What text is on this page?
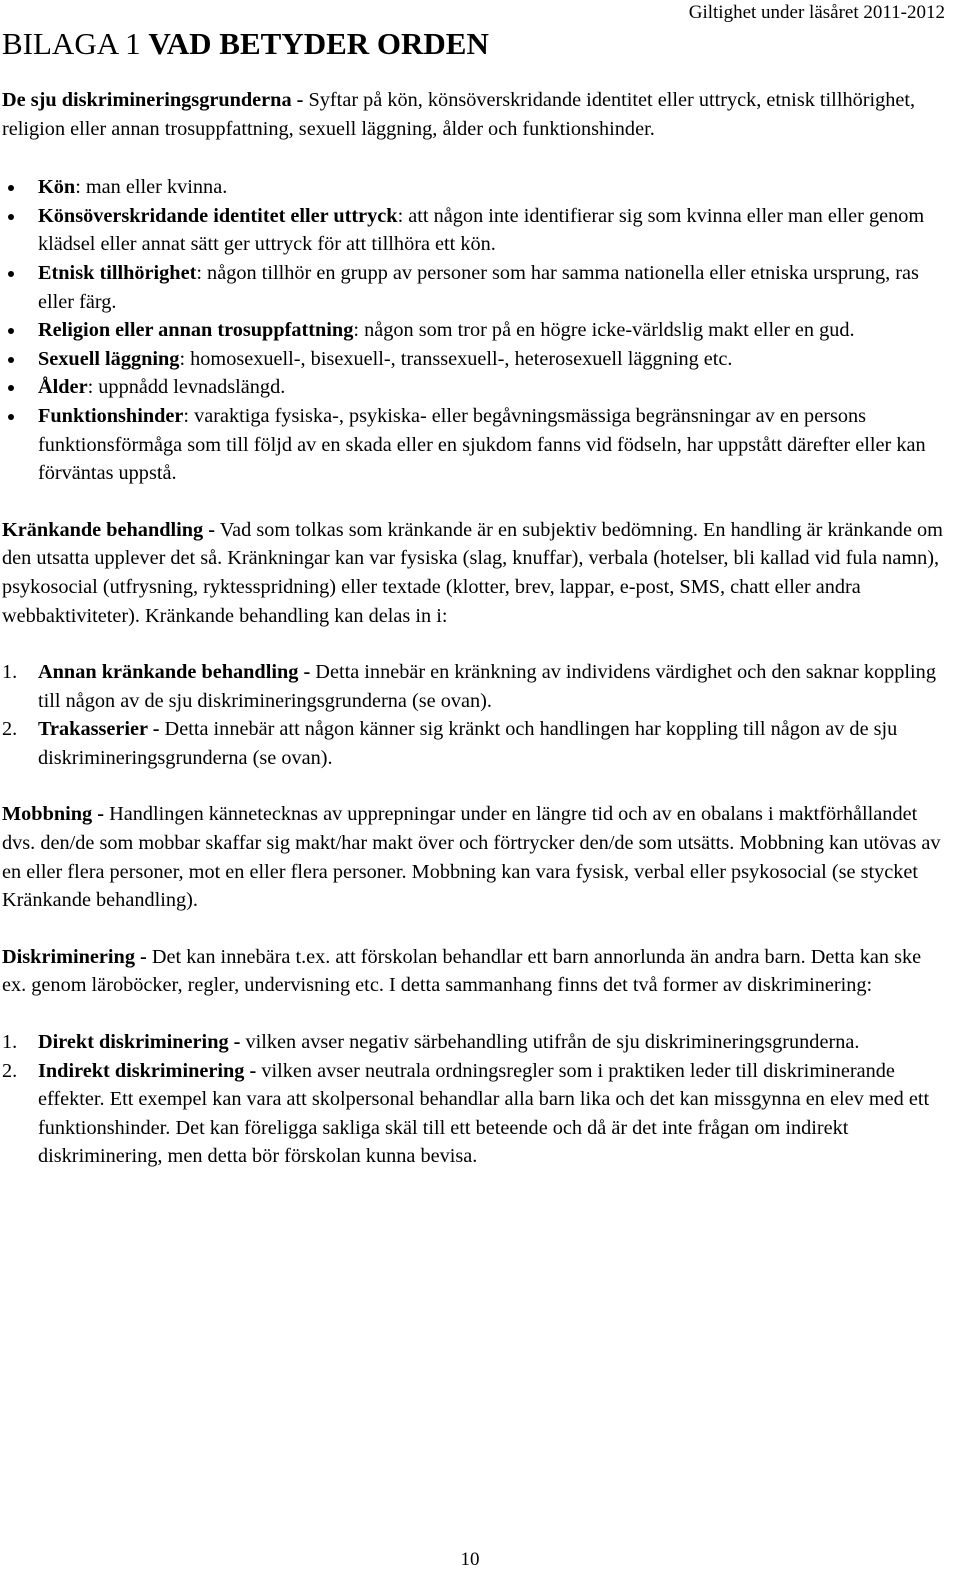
BILAGA 1 VAD BETYDER ORDEN
Giltighet under läsåret 2011-2012

De sju diskrimineringsgrunderna - Syftar på kön, könsöverskridande identitet eller uttryck, etnisk tillhörighet, religion eller annan trosuppfattning, sexuell läggning, ålder och funktionshinder.

Kön: man eller kvinna.
Könsöverskridande identitet eller uttryck: att någon inte identifierar sig som kvinna eller man eller genom klädsel eller annat sätt ger uttryck för att tillhöra ett kön.
Etnisk tillhörighet: någon tillhör en grupp av personer som har samma nationella eller etniska ursprung, ras eller färg.
Religion eller annan trosuppfattning: någon som tror på en högre icke-världslig makt eller en gud.
Sexuell läggning: homosexuell-, bisexuell-, transsexuell-, heterosexuell läggning etc.
Ålder: uppnådd levnadslängd.
Funktionshinder: varaktiga fysiska-, psykiska- eller begåvningsmässiga begränsningar av en persons funktionsförmåga som till följd av en skada eller en sjukdom fanns vid födseln, har uppstått därefter eller kan förväntas uppstå.

Kränkande behandling - Vad som tolkas som kränkande är en subjektiv bedömning. En handling är kränkande om den utsatta upplever det så. Kränkningar kan var fysiska (slag, knuffar), verbala (hotelser, bli kallad vid fula namn), psykosocial (utfrysning, ryktesspridning) eller textade (klotter, brev, lappar, e-post, SMS, chatt eller andra webbaktiviteter). Kränkande behandling kan delas in i:

1. Annan kränkande behandling - Detta innebär en kränkning av individens värdighet och den saknar koppling till någon av de sju diskrimineringsgrunderna (se ovan).
2. Trakasserier - Detta innebär att någon känner sig kränkt och handlingen har koppling till någon av de sju diskrimineringsgrunderna (se ovan).

Mobbning - Handlingen kännetecknas av upprepningar under en längre tid och av en obalans i maktförhållandet dvs. den/de som mobbar skaffar sig makt/har makt över och förtrycker den/de som utsätts. Mobbning kan utövas av en eller flera personer, mot en eller flera personer. Mobbning kan vara fysisk, verbal eller psykosocial (se stycket Kränkande behandling).

Diskriminering - Det kan innebära t.ex. att förskolan behandlar ett barn annorlunda än andra barn. Detta kan ske ex. genom läroböcker, regler, undervisning etc. I detta sammanhang finns det två former av diskriminering:

1. Direkt diskriminering - vilken avser negativ särbehandling utifrån de sju diskrimineringsgrunderna.
2. Indirekt diskriminering - vilken avser neutrala ordningsregler som i praktiken leder till diskriminerande effekter. Ett exempel kan vara att skolpersonal behandlar alla barn lika och det kan missgynna en elev med ett funktionshinder. Det kan föreligga sakliga skäl till ett beteende och då är det inte frågan om indirekt diskriminering, men detta bör förskolan kunna bevisa.
10
